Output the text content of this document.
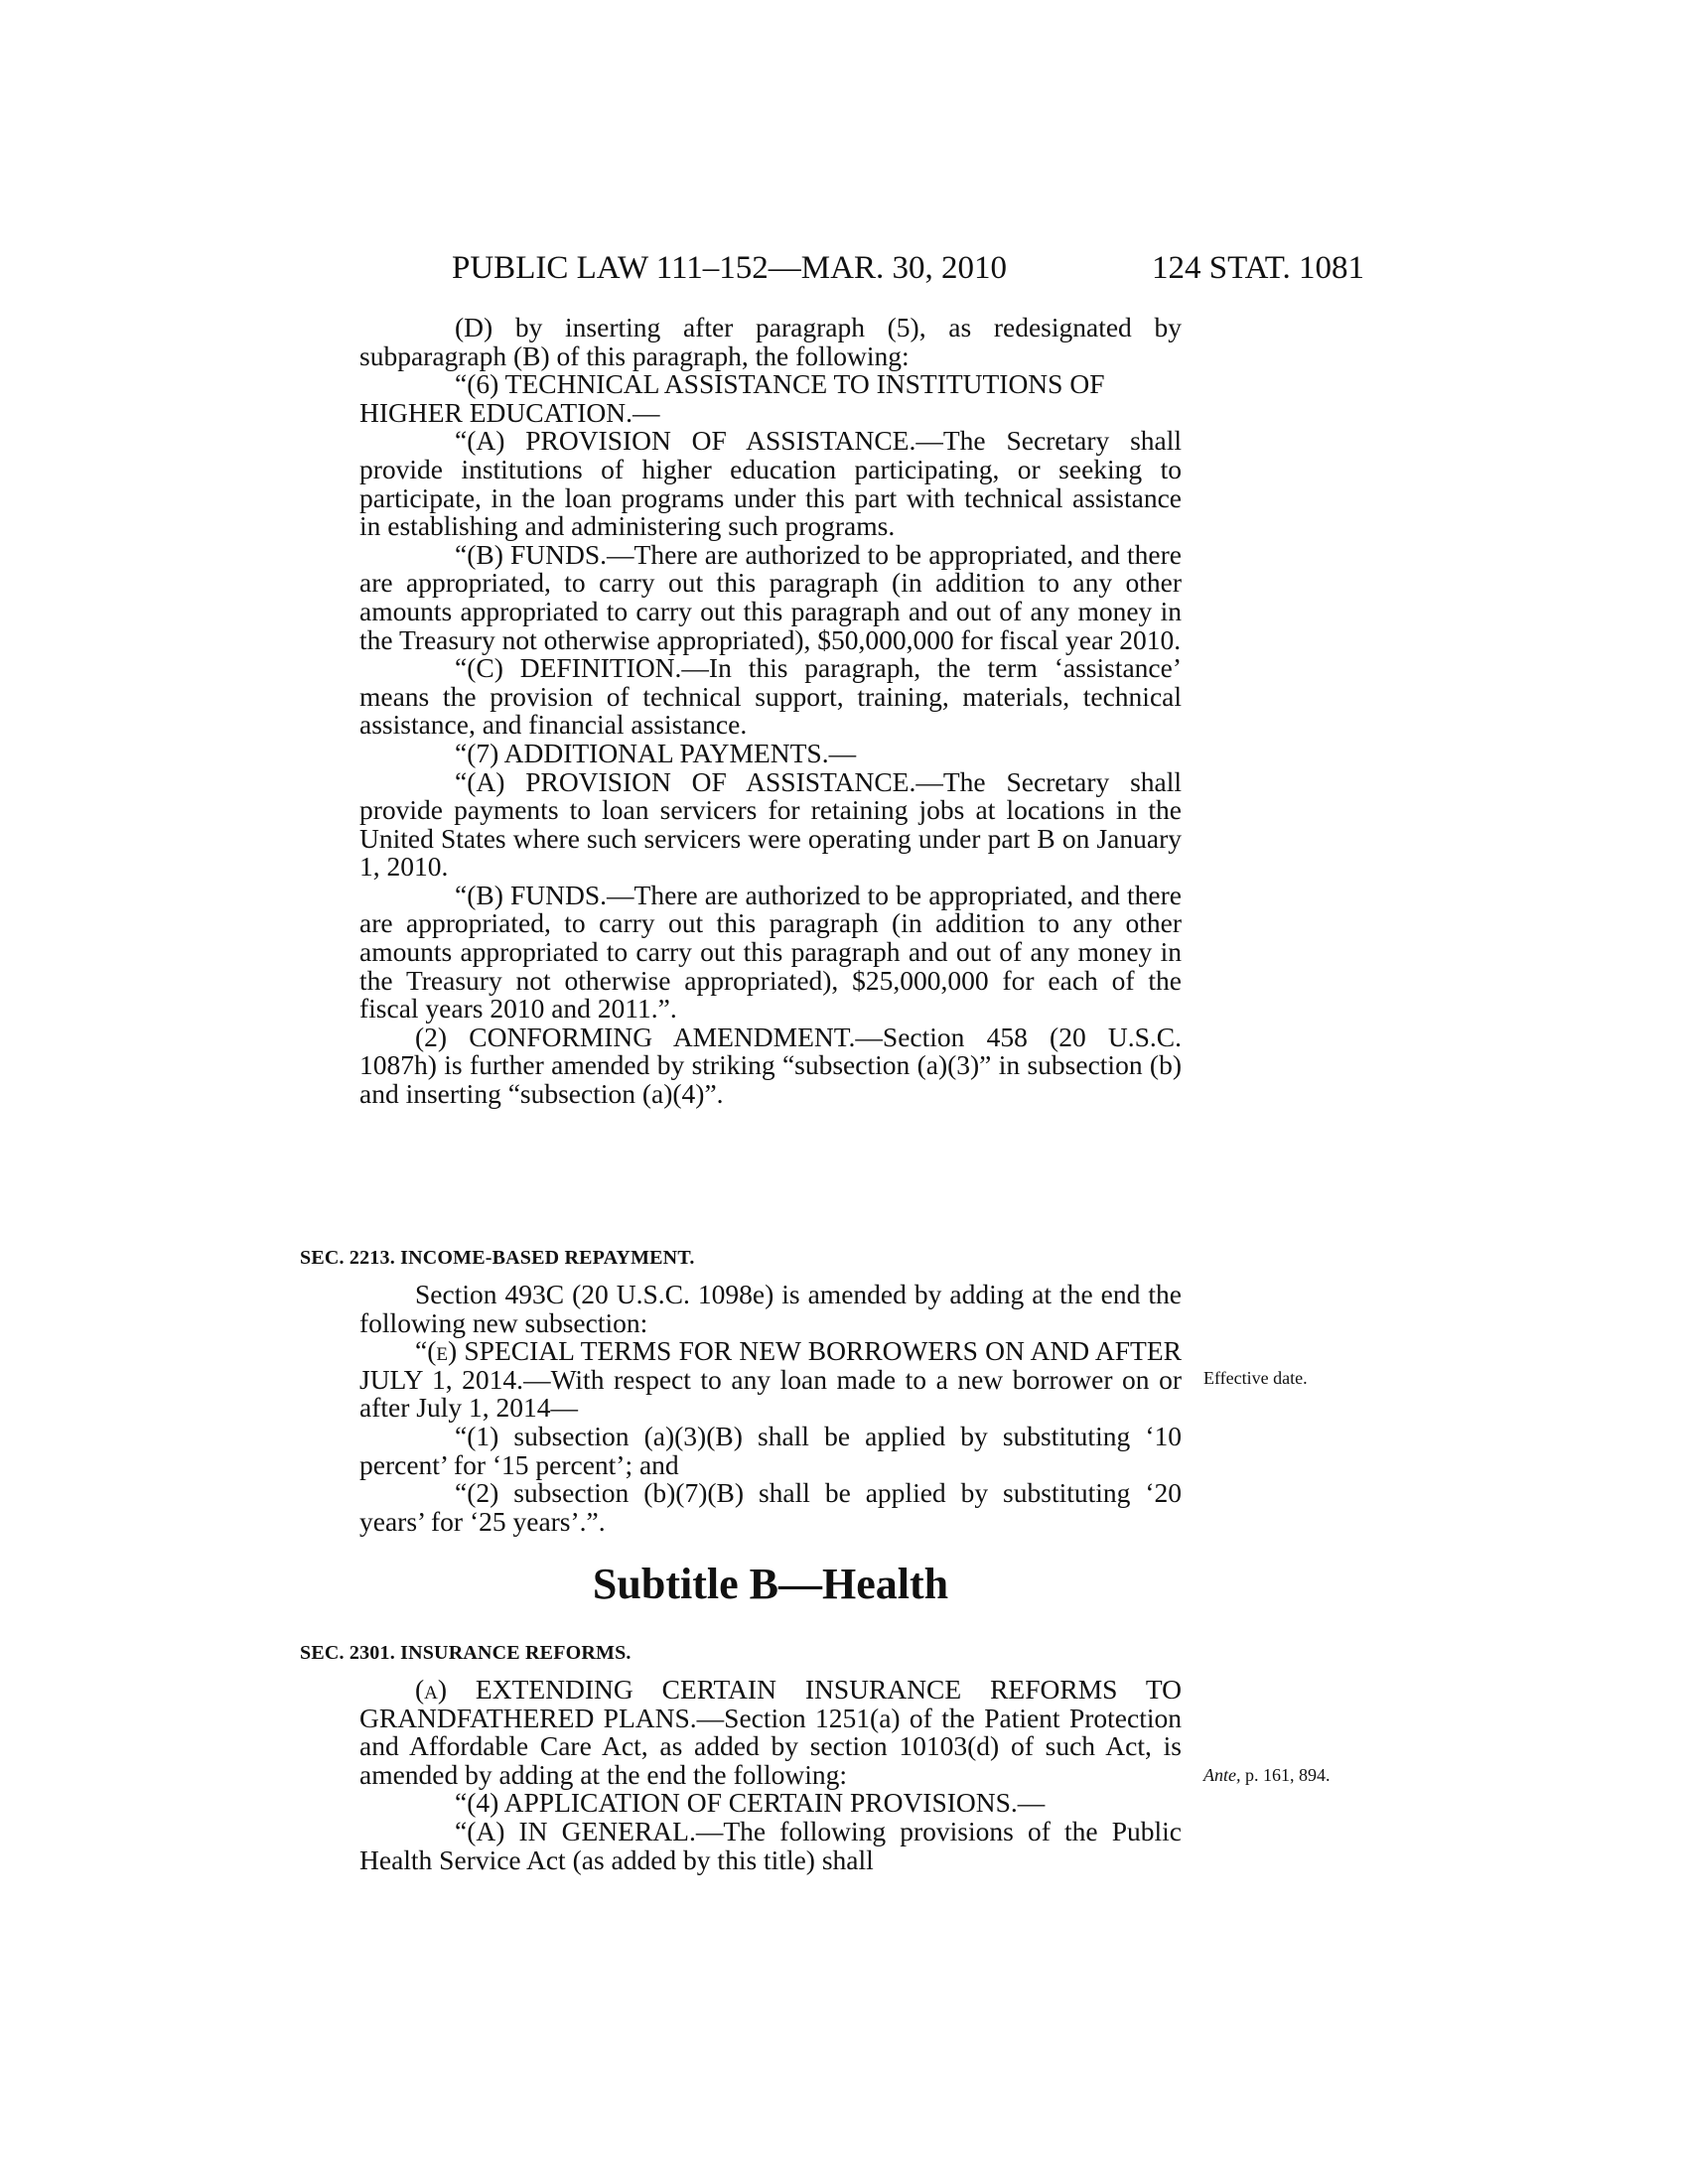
PUBLIC LAW 111–152—MAR. 30, 2010	124 STAT. 1081

(D) by inserting after paragraph (5), as redesignated by subparagraph (B) of this paragraph, the following:

“(6) TECHNICAL ASSISTANCE TO INSTITUTIONS OF HIGHER EDUCATION.—

“(A) PROVISION OF ASSISTANCE.—The Secretary shall provide institutions of higher education participating, or seeking to participate, in the loan programs under this part with technical assistance in establishing and administering such programs.

“(B) FUNDS.—There are authorized to be appropriated, and there are appropriated, to carry out this paragraph (in addition to any other amounts appropriated to carry out this paragraph and out of any money in the Treasury not otherwise appropriated), $50,000,000 for fiscal year 2010.

“(C) DEFINITION.—In this paragraph, the term ‘assistance’ means the provision of technical support, training, materials, technical assistance, and financial assistance.

“(7) ADDITIONAL PAYMENTS.—

“(A) PROVISION OF ASSISTANCE.—The Secretary shall provide payments to loan servicers for retaining jobs at locations in the United States where such servicers were operating under part B on January 1, 2010.

“(B) FUNDS.—There are authorized to be appropriated, and there are appropriated, to carry out this paragraph (in addition to any other amounts appropriated to carry out this paragraph and out of any money in the Treasury not otherwise appropriated), $25,000,000 for each of the fiscal years 2010 and 2011.”.

(2) CONFORMING AMENDMENT.—Section 458 (20 U.S.C. 1087h) is further amended by striking “subsection (a)(3)” in subsection (b) and inserting “subsection (a)(4)”.

SEC. 2213. INCOME-BASED REPAYMENT.

Section 493C (20 U.S.C. 1098e) is amended by adding at the end the following new subsection:

“(e) SPECIAL TERMS FOR NEW BORROWERS ON AND AFTER JULY 1, 2014.—With respect to any loan made to a new borrower on or after July 1, 2014—

“(1) subsection (a)(3)(B) shall be applied by substituting ‘10 percent’ for ‘15 percent’; and

“(2) subsection (b)(7)(B) shall be applied by substituting ‘20 years’ for ‘25 years’.”.

Effective date.
Subtitle B—Health
SEC. 2301. INSURANCE REFORMS.

(a) EXTENDING CERTAIN INSURANCE REFORMS TO GRANDFATHERED PLANS.—Section 1251(a) of the Patient Protection and Affordable Care Act, as added by section 10103(d) of such Act, is amended by adding at the end the following:

“(4) APPLICATION OF CERTAIN PROVISIONS.—

“(A) IN GENERAL.—The following provisions of the Public Health Service Act (as added by this title) shall

Ante, p. 161, 894.
